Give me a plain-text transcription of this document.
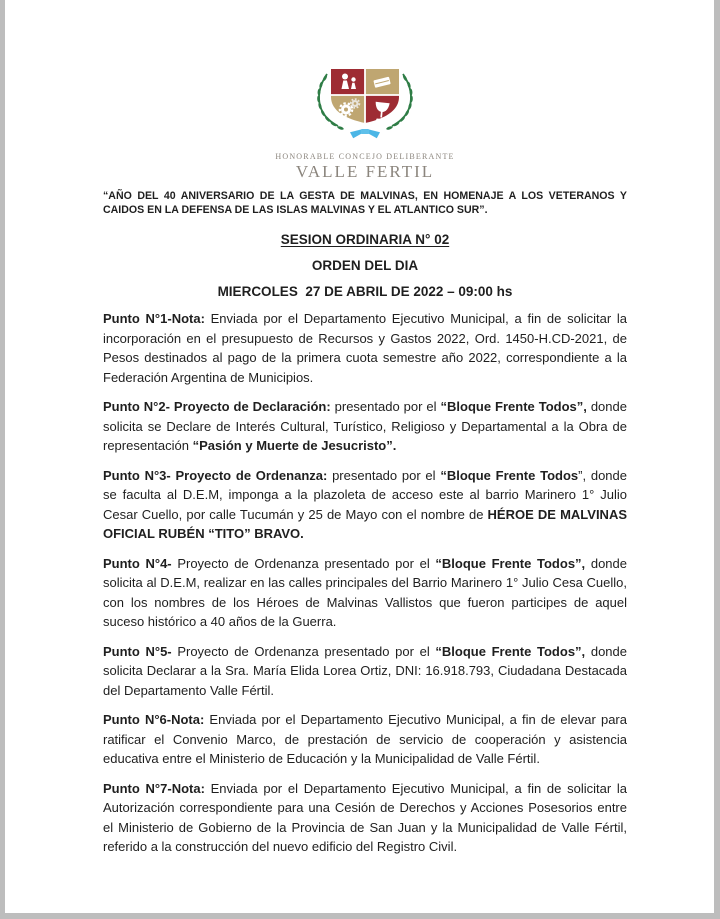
HONORABLE CONCEJO DELIBERANTE
VALLE FERTIL
“AÑO DEL 40 ANIVERSARIO DE LA GESTA DE MALVINAS, EN HOMENAJE A LOS VETERANOS Y CAIDOS EN LA DEFENSA DE LAS ISLAS MALVINAS Y EL ATLANTICO SUR”.
SESION ORDINARIA N° 02
ORDEN DEL DIA
MIERCOLES  27 DE ABRIL DE 2022 – 09:00 hs

Punto N°1-Nota: Enviada por el Departamento Ejecutivo Municipal, a fin de solicitar la incorporación en el presupuesto de Recursos y Gastos 2022, Ord. 1450-H.CD-2021, de Pesos destinados al pago de la primera cuota semestre año 2022, correspondiente a la Federación Argentina de Municipios.

Punto N°2- Proyecto de Declaración: presentado por el “Bloque Frente Todos”, donde solicita se Declare de Interés Cultural, Turístico, Religioso y Departamental a la Obra de representación “Pasión y Muerte de Jesucristo”.

Punto N°3- Proyecto de Ordenanza: presentado por el “Bloque Frente Todos”, donde se faculta al D.E.M, imponga a la plazoleta de acceso este al barrio Marinero 1° Julio Cesar Cuello, por calle Tucumán y 25 de Mayo con el nombre de HÉROE DE MALVINAS OFICIAL RUBÉN “TITO” BRAVO.

Punto N°4- Proyecto de Ordenanza presentado por el “Bloque Frente Todos”, donde solicita al D.E.M, realizar en las calles principales del Barrio Marinero 1° Julio Cesa Cuello, con los nombres de los Héroes de Malvinas Vallistos que fueron participes de aquel suceso histórico a 40 años de la Guerra.

Punto N°5- Proyecto de Ordenanza presentado por el “Bloque Frente Todos”, donde solicita Declarar a la Sra. María Elida Lorea Ortiz, DNI: 16.918.793, Ciudadana Destacada del Departamento Valle Fértil.

Punto N°6-Nota: Enviada por el Departamento Ejecutivo Municipal, a fin de elevar para ratificar el Convenio Marco, de prestación de servicio de cooperación y asistencia educativa entre el Ministerio de Educación y la Municipalidad de Valle Fértil.

Punto N°7-Nota: Enviada por el Departamento Ejecutivo Municipal, a fin de solicitar la Autorización correspondiente para una Cesión de Derechos y Acciones Posesorios entre el Ministerio de Gobierno de la Provincia de San Juan y la Municipalidad de Valle Fértil, referido a la construcción del nuevo edificio del Registro Civil.
